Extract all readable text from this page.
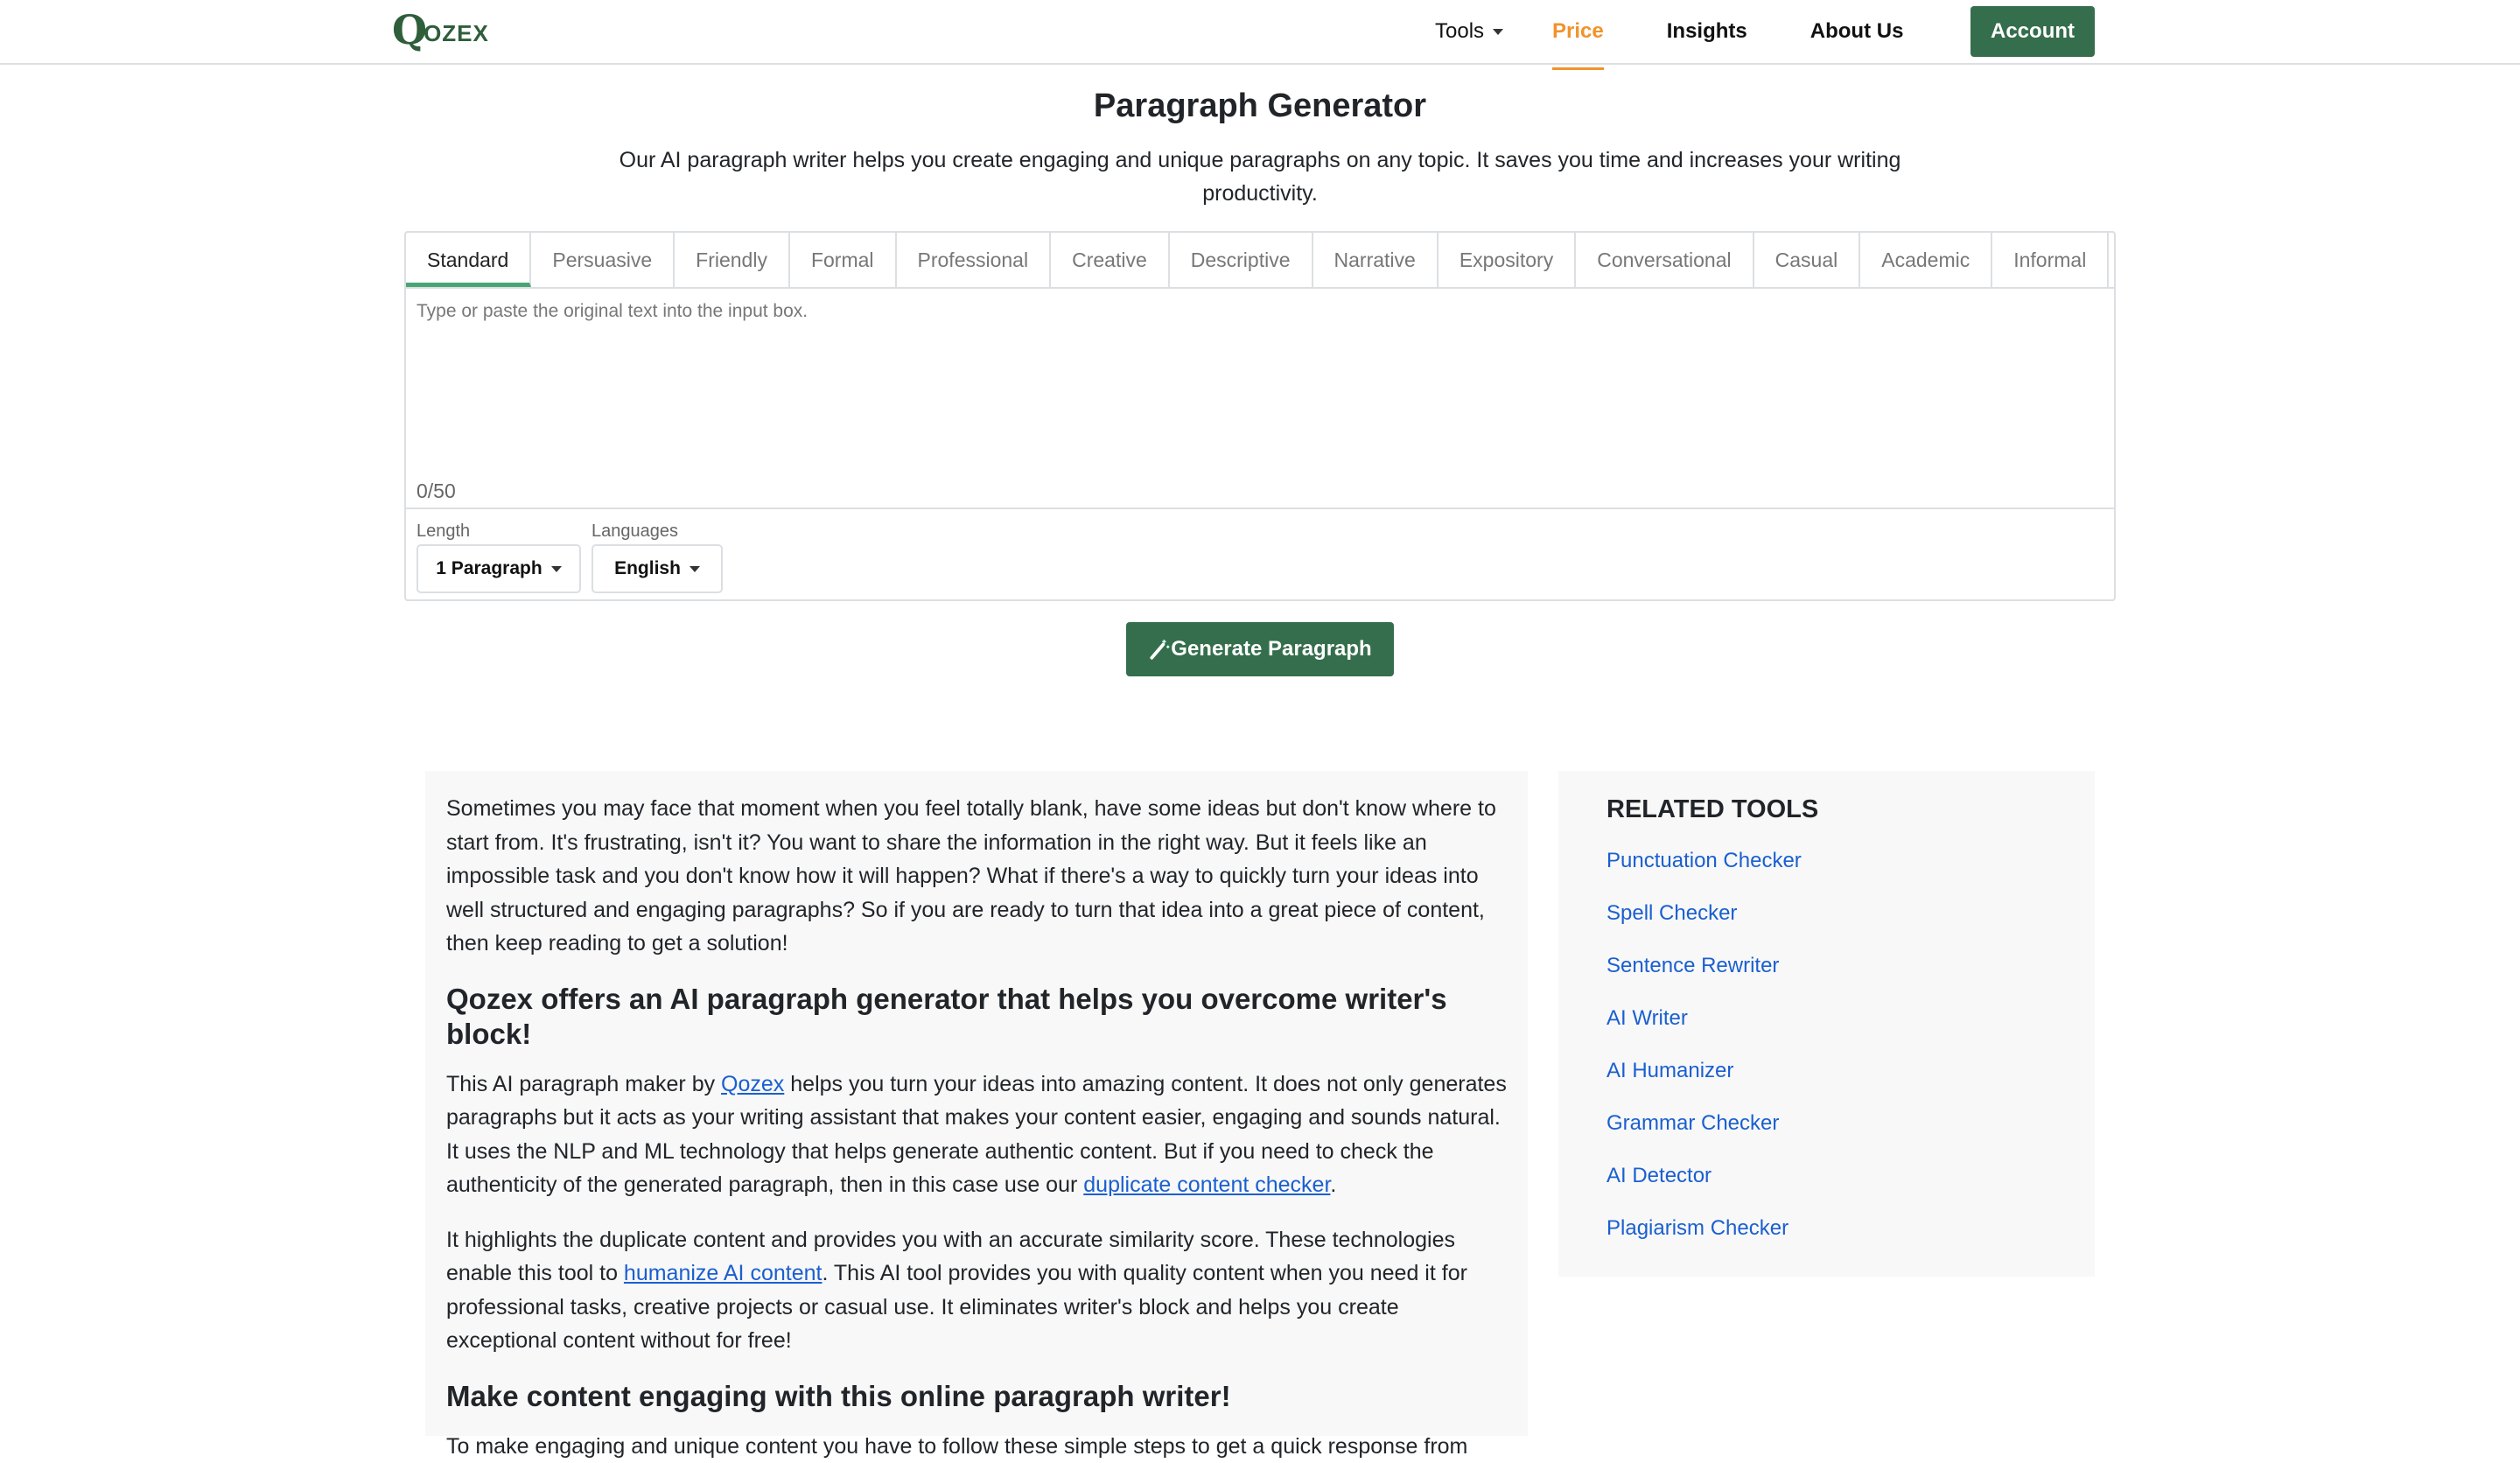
Q
OZEX	Tools	Price	Insights	About Us	Account
Paragraph Generator

Our AI paragraph writer helps you create engaging and unique paragraphs on any topic. It saves you time and increases your writing productivity.

Standard	Persuasive	Friendly	Formal	Professional	Creative	Descriptive	Narrative	Expository	Conversational	Casual	Academic	Informal
Type or paste the original text into the input box.
0/50
Length	Languages
1 Paragraph	English
Generate Paragraph

Sometimes you may face that moment when you feel totally blank, have some ideas but don't know where to start from. It's frustrating, isn't it? You want to share the information in the right way. But it feels like an impossible task and you don't know how it will happen? What if there's a way to quickly turn your ideas into well structured and engaging paragraphs? So if you are ready to turn that idea into a great piece of content, then keep reading to get a solution!

Qozex offers an AI paragraph generator that helps you overcome writer's block!

This AI paragraph maker by Qozex helps you turn your ideas into amazing content. It does not only generates paragraphs but it acts as your writing assistant that makes your content easier, engaging and sounds natural. It uses the NLP and ML technology that helps generate authentic content. But if you need to check the authenticity of the generated paragraph, then in this case use our duplicate content checker.

It highlights the duplicate content and provides you with an accurate similarity score. These technologies enable this tool to humanize AI content. This AI tool provides you with quality content when you need it for professional tasks, creative projects or casual use. It eliminates writer's block and helps you create exceptional content without for free!

Make content engaging with this online paragraph writer!

To make engaging and unique content you have to follow these simple steps to get a quick response from

RELATED TOOLS
Punctuation Checker
Spell Checker
Sentence Rewriter
AI Writer
AI Humanizer
Grammar Checker
AI Detector
Plagiarism Checker
